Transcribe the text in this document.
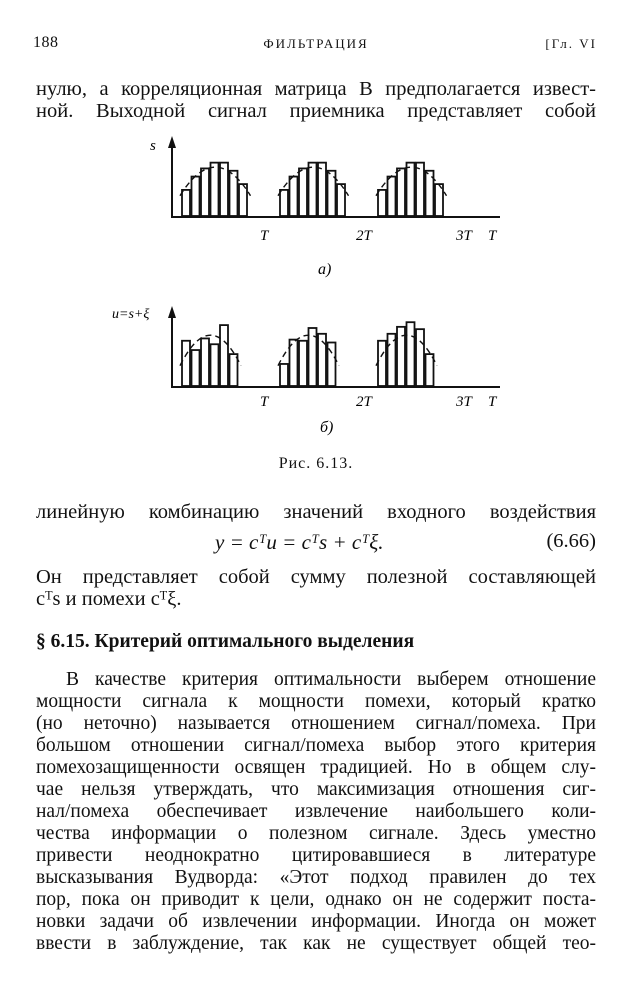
188	ФИЛЬТРАЦИЯ	[Гл. VI
нулю, а корреляционная матрица B предполагается извест-
ной. Выходной сигнал приемника представляет собой
s
T	2T	3T T
а)
u=s+ξ
T	2T	3T T
б)
Рис. 6.13.
линейную комбинацию значений входного воздействия
y = cᵀu = cᵀs + cᵀξ.	(6.66)
Он представляет собой сумму полезной составляющей
cᵀs и помехи cᵀξ.
§ 6.15. Критерий оптимального выделения
В качестве критерия оптимальности выберем отношение
мощности сигнала к мощности помехи, который кратко
(но неточно) называется отношением сигнал/помеха. При
большом отношении сигнал/помеха выбор этого критерия
помехозащищенности освящен традицией. Но в общем слу-
чае нельзя утверждать, что максимизация отношения сиг-
нал/помеха обеспечивает извлечение наибольшего коли-
чества информации о полезном сигнале. Здесь уместно
привести неоднократно цитировавшиеся в литературе
высказывания Вудворда: «Этот подход правилен до тех
пор, пока он приводит к цели, однако он не содержит поста-
новки задачи об извлечении информации. Иногда он может
ввести в заблуждение, так как не существует общей тео-
